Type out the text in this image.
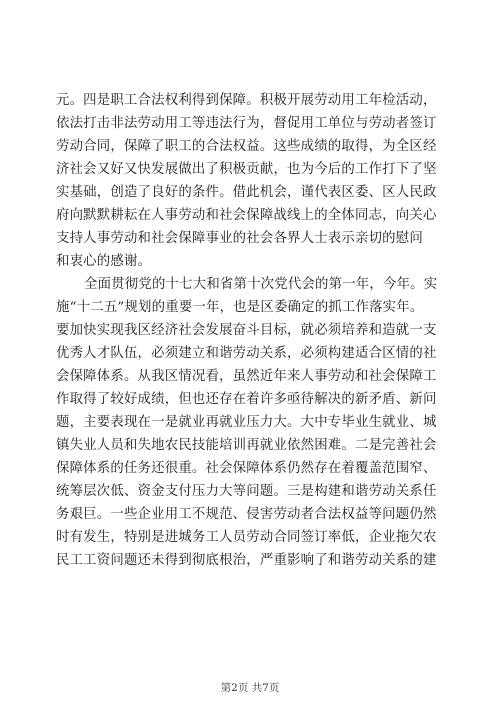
元。四是职工合法权利得到保障。积极开展劳动用工年检活动，
依法打击非法劳动用工等违法行为，督促用工单位与劳动者签订
劳动合同，保障了职工的合法权益。这些成绩的取得，为全区经
济社会又好又快发展做出了积极贡献，也为今后的工作打下了坚
实基础，创造了良好的条件。借此机会，谨代表区委、区人民政
府向默默耕耘在人事劳动和社会保障战线上的全体同志，向关心
支持人事劳动和社会保障事业的社会各界人士表示亲切的慰问
和衷心的感谢。

全面贯彻党的十七大和省第十次党代会的第一年，今年。实
施“十二五”规划的重要一年，也是区委确定的抓工作落实年。
要加快实现我区经济社会发展奋斗目标，就必须培养和造就一支
优秀人才队伍，必须建立和谐劳动关系，必须构建适合区情的社
会保障体系。从我区情况看，虽然近年来人事劳动和社会保障工
作取得了较好成绩，但也还存在着许多亟待解决的新矛盾、新问
题，主要表现在一是就业再就业压力大。大中专毕业生就业、城
镇失业人员和失地农民技能培训再就业依然困难。二是完善社会
保障体系的任务还很重。社会保障体系仍然存在着覆盖范围窄、
统筹层次低、资金支付压力大等问题。三是构建和谐劳动关系任
务艰巨。一些企业用工不规范、侵害劳动者合法权益等问题仍然
时有发生，特别是进城务工人员劳动合同签订率低，企业拖欠农
民工工资问题还未得到彻底根治，严重影响了和谐劳动关系的建

第2页 共7页
